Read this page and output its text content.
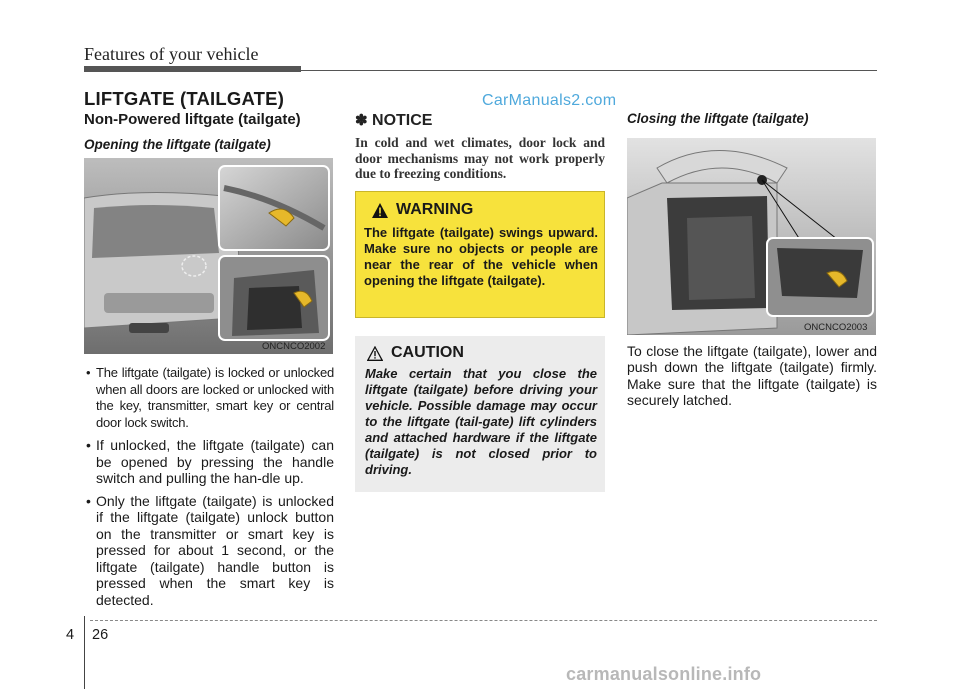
Features of your vehicle
LIFTGATE (TAILGATE)	CarManuals2.com
Non-Powered liftgate (tailgate)
Opening the liftgate (tailgate)
ONCNCO2002
• The liftgate (tailgate) is locked or unlocked when all doors are locked or unlocked with the key, transmitter, smart key or central door lock switch.
• If unlocked, the liftgate (tailgate) can be opened by pressing the handle switch and pulling the han-dle up.
• Only the liftgate (tailgate) is unlocked if the liftgate (tailgate) unlock button on the transmitter or smart key is pressed for about 1 second, or the liftgate (tailgate) handle button is pressed when the smart key is detected.
✽ NOTICE
In cold and wet climates, door lock and door mechanisms may not work properly due to freezing conditions.
WARNING
The liftgate (tailgate) swings upward. Make sure no objects or people are near the rear of the vehicle when opening the liftgate (tailgate).
CAUTION
Make certain that you close the liftgate (tailgate) before driving your vehicle. Possible damage may occur to the liftgate (tail-gate) lift cylinders and attached hardware if the liftgate (tailgate) is not closed prior to driving.
Closing the liftgate (tailgate)
ONCNCO2003
To close the liftgate (tailgate), lower and push down the liftgate (tailgate) firmly. Make sure that the liftgate (tailgate) is securely latched.
4 26
carmanualsonline.info
